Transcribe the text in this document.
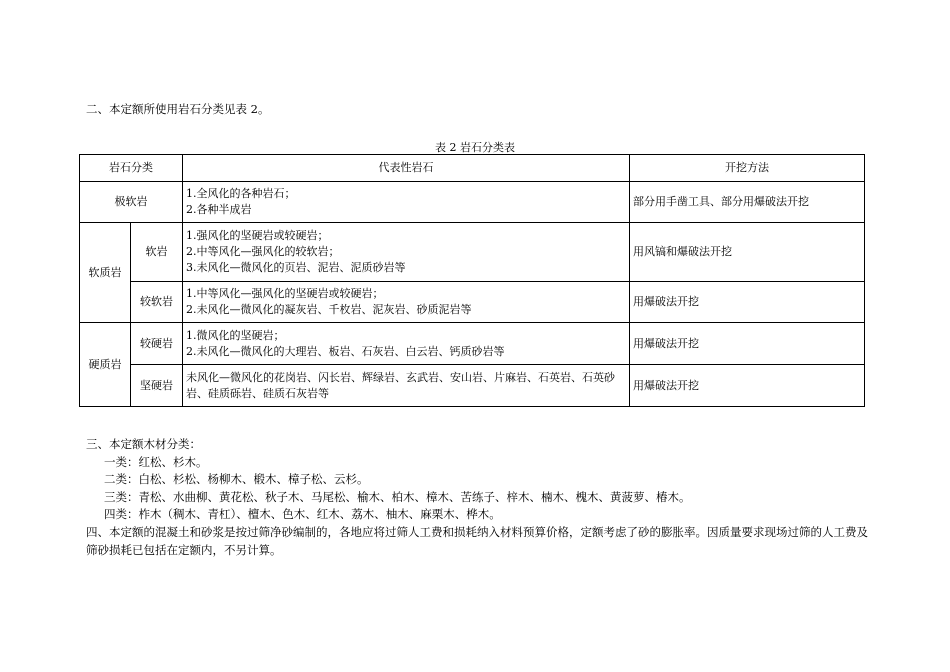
二、本定额所使用岩石分类见表 2。
表 2 岩石分类表
岩石分类		代表性岩石	开挖方法
极软岩		1.全风化的各种岩石；
2.各种半成岩	部分用手凿工具、部分用爆破法开挖
软质岩	软岩	1.强风化的坚硬岩或较硬岩；
2.中等风化—强风化的较软岩；
3.未风化—微风化的页岩、泥岩、泥质砂岩等	用风镐和爆破法开挖
	较软岩	1.中等风化—强风化的坚硬岩或较硬岩；
2.未风化—微风化的凝灰岩、千枚岩、泥灰岩、砂质泥岩等	用爆破法开挖
硬质岩	较硬岩	1.微风化的坚硬岩；
2.未风化—微风化的大理岩、板岩、石灰岩、白云岩、钙质砂岩等	用爆破法开挖
	坚硬岩	未风化—微风化的花岗岩、闪长岩、辉绿岩、玄武岩、安山岩、片麻岩、石英岩、石英砂岩、硅质砾岩、硅质石灰岩等	用爆破法开挖
三、本定额木材分类：
一类：红松、杉木。
二类：白松、杉松、杨柳木、椴木、樟子松、云杉。
三类：青松、水曲柳、黄花松、秋子木、马尾松、榆木、柏木、樟木、苦练子、梓木、楠木、槐木、黄菠萝、椿木。
四类：柞木（稠木、青杠）、檀木、色木、红木、荔木、柚木、麻栗木、桦木。
四、本定额的混凝土和砂浆是按过筛净砂编制的，各地应将过筛人工费和损耗纳入材料预算价格，定额考虑了砂的膨胀率。因质量要求现场过筛的人工费及筛砂损耗已包括在定额内，不另计算。
